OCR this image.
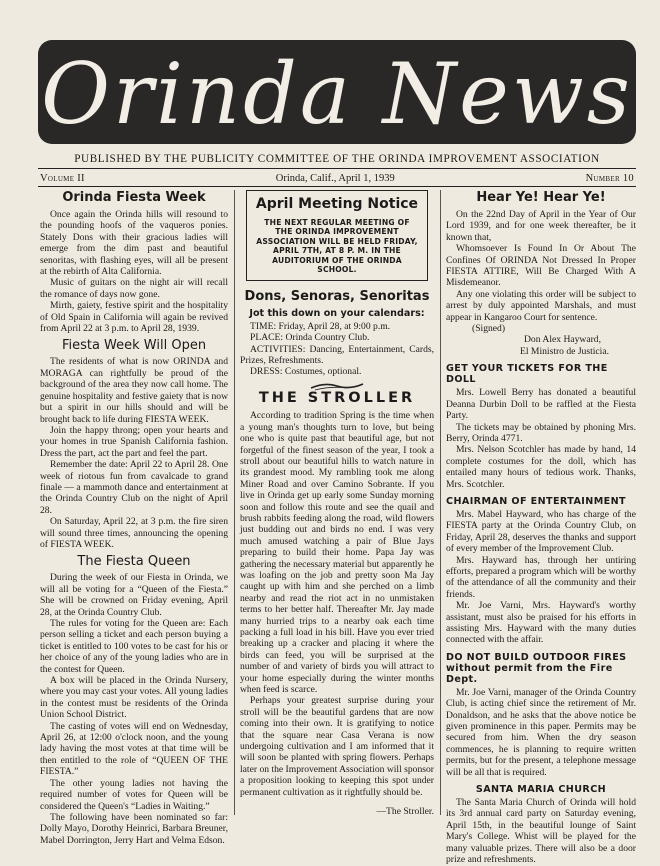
Orinda News
PUBLISHED BY THE PUBLICITY COMMITTEE OF THE ORINDA IMPROVEMENT ASSOCIATION
Volume II	Orinda, Calif., April 1, 1939	Number 10
Orinda Fiesta Week

Once again the Orinda hills will resound to the pounding hoofs of the vaqueros ponies. Stately Dons with their gracious ladies will emerge from the dim past and beautiful senoritas, with flashing eyes, will all be present at the rebirth of Alta California.

Music of guitars on the night air will recall the romance of days now gone.

Mirth, gaiety, festive spirit and the hospitality of Old Spain in California will again be revived from April 22 at 3 p.m. to April 28, 1939.

Fiesta Week Will Open

The residents of what is now ORINDA and MORAGA can rightfully be proud of the background of the area they now call home. The genuine hospitality and festive gaiety that is now but a spirit in our hills should and will be brought back to life during FIESTA WEEK.

Join the happy throng; open your hearts and your homes in true Spanish California fashion. Dress the part, act the part and feel the part.

Remember the date: April 22 to April 28. One week of riotous fun from cavalcade to grand finale — a mammoth dance and entertainment at the Orinda Country Club on the night of April 28.

On Saturday, April 22, at 3 p.m. the fire siren will sound three times, announcing the opening of FIESTA WEEK.

The Fiesta Queen

During the week of our Fiesta in Orinda, we will all be voting for a “Queen of the Fiesta.” She will be crowned on Friday evening, April 28, at the Orinda Country Club.

The rules for voting for the Queen are: Each person selling a ticket and each person buying a ticket is entitled to 100 votes to be cast for his or her choice of any of the young ladies who are in the contest for Queen.

A box will be placed in the Orinda Nursery, where you may cast your votes. All young ladies in the contest must be residents of the Orinda Union School District.

The casting of votes will end on Wednesday, April 26, at 12:00 o'clock noon, and the young lady having the most votes at that time will be then entitled to the role of “QUEEN OF THE FIESTA.”

The other young ladies not having the required number of votes for Queen will be considered the Queen's “Ladies in Waiting.”

The following have been nominated so far: Dolly Mayo, Dorothy Heinrici, Barbara Breuner, Mabel Dorrington, Jerry Hart and Velma Edson.

April Meeting Notice
THE NEXT REGULAR MEETING OF THE ORINDA IMPROVEMENT ASSOCIATION WILL BE HELD FRIDAY, APRIL 7TH, AT 8 P. M. IN THE AUDITORIUM OF THE ORINDA SCHOOL.
Dons, Senoras, Senoritas

Jot this down on your calendars:

TIME: Friday, April 28, at 9:00 p.m.

PLACE: Orinda Country Club.

ACTIVITIES: Dancing, Entertainment, Cards, Prizes, Refreshments.

DRESS: Costumes, optional.

THE STROLLER

According to tradition Spring is the time when a young man's thoughts turn to love, but being one who is quite past that beautiful age, but not forgetful of the finest season of the year, I took a stroll about our beautiful hills to watch nature in its grandest mood. My rambling took me along Miner Road and over Camino Sobrante. If you live in Orinda get up early some Sunday morning soon and follow this route and see the quail and brush rabbits feeding along the road, wild flowers just budding out and birds no end. I was very much amused watching a pair of Blue Jays preparing to build their home. Papa Jay was gathering the necessary material but apparently he was loafing on the job and pretty soon Ma Jay caught up with him and she perched on a limb nearby and read the riot act in no unmistaken terms to her better half. Thereafter Mr. Jay made many hurried trips to a nearby oak each time packing a full load in his bill. Have you ever tried breaking up a cracker and placing it where the birds can feed, you will be surprised at the number of and variety of birds you will attract to your home especially during the winter months when feed is scarce.

Perhaps your greatest surprise during your stroll will be the beautiful gardens that are now coming into their own. It is gratifying to notice that the square near Casa Verana is now undergoing cultivation and I am informed that it will soon be planted with spring flowers. Perhaps later on the Improvement Association will sponsor a proposition looking to keeping this spot under permanent cultivation as it rightfully should be.

—The Stroller.
Hear Ye! Hear Ye!

On the 22nd Day of April in the Year of Our Lord 1939, and for one week thereafter, be it known that,

Whomsoever Is Found In Or About The Confines Of ORINDA Not Dressed In Proper FIESTA ATTIRE, Will Be Charged With A Misdemeanor.

Any one violating this order will be subject to arrest by duly appointed Marshals, and must appear in Kangaroo Court for sentence.

(Signed)
Don Alex Hayward,
El Ministro de Justicia.
GET YOUR TICKETS FOR THE DOLL

Mrs. Lowell Berry has donated a beautiful Deanna Durbin Doll to be raffled at the Fiesta Party.

The tickets may be obtained by phoning Mrs. Berry, Orinda 4771.

Mrs. Nelson Scotchler has made by hand, 14 complete costumes for the doll, which has entailed many hours of tedious work. Thanks, Mrs. Scotchler.

CHAIRMAN OF ENTERTAINMENT

Mrs. Mabel Hayward, who has charge of the FIESTA party at the Orinda Country Club, on Friday, April 28, deserves the thanks and support of every member of the Improvement Club.

Mrs. Hayward has, through her untiring efforts, prepared a program which will be worthy of the attendance of all the community and their friends.

Mr. Joe Varni, Mrs. Hayward's worthy assistant, must also be praised for his efforts in assisting Mrs. Hayward with the many duties connected with the affair.

DO NOT BUILD OUTDOOR FIRES without permit from the Fire Dept.

Mr. Joe Varni, manager of the Orinda Country Club, is acting chief since the retirement of Mr. Donaldson, and he asks that the above notice be given prominence in this paper. Permits may be secured from him. When the dry season commences, he is planning to require written permits, but for the present, a telephone message will be all that is required.

SANTA MARIA CHURCH

The Santa Maria Church of Orinda will hold its 3rd annual card party on Saturday evening, April 15th, in the beautiful lounge of Saint Mary's College. Whist will be played for the many valuable prizes. There will also be a door prize and refreshments.
